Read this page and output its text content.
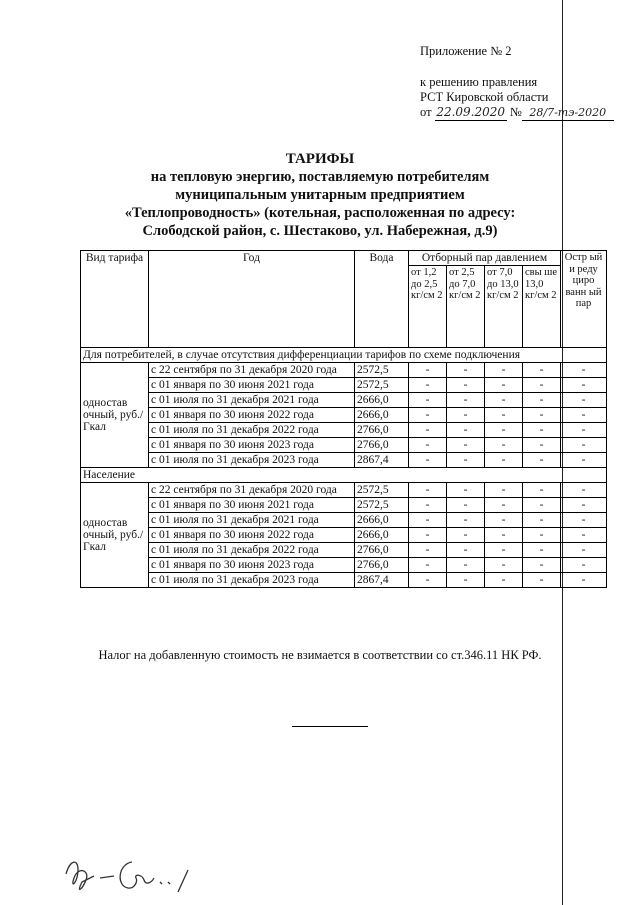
Приложение № 2
к решению правления
РСТ Кировской области
от 22.09.2020 № 28/7-тэ-2020
ТАРИФЫ
на тепловую энергию, поставляемую потребителям
муниципальным унитарным предприятием
«Теплопроводность» (котельная, расположенная по адресу:
Слободской район, с. Шестаково, ул. Набережная, д.9)
Вид тарифа	Год	Вода	Отборный пар давлением				Остр ый и реду циро ванн ый пар
			от 1,2 до 2,5 кг/см 2	от 2,5 до 7,0 кг/см 2	от 7,0 до 13,0 кг/см 2	свы ше 13,0 кг/см 2	
Для потребителей, в случае отсутствия дифференциации тарифов по схеме подключения							
одностав очный, руб./Гкал	с 22 сентября по 31 декабря 2020 года	2572,5	-	-	-	-	-
	с 01 января по 30 июня 2021 года	2572,5	-	-	-	-	-
	с 01 июля по 31 декабря 2021 года	2666,0	-	-	-	-	-
	с 01 января по 30 июня 2022 года	2666,0	-	-	-	-	-
	с 01 июля по 31 декабря 2022 года	2766,0	-	-	-	-	-
	с 01 января по 30 июня 2023 года	2766,0	-	-	-	-	-
	с 01 июля по 31 декабря 2023 года	2867,4	-	-	-	-	-
Население							
одностав очный, руб./Гкал	с 22 сентября по 31 декабря 2020 года	2572,5	-	-	-	-	-
	с 01 января по 30 июня 2021 года	2572,5	-	-	-	-	-
	с 01 июля по 31 декабря 2021 года	2666,0	-	-	-	-	-
	с 01 января по 30 июня 2022 года	2666,0	-	-	-	-	-
	с 01 июля по 31 декабря 2022 года	2766,0	-	-	-	-	-
	с 01 января по 30 июня 2023 года	2766,0	-	-	-	-	-
	с 01 июля по 31 декабря 2023 года	2867,4	-	-	-	-	-
Налог на добавленную стоимость не взимается в соответствии со ст.346.11 НК РФ.
